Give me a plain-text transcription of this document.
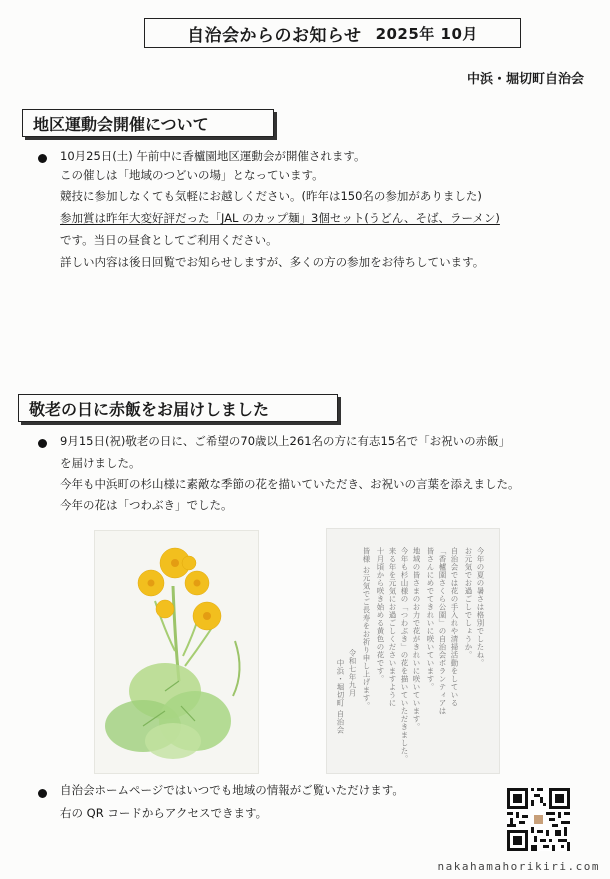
自治会からのお知らせ 2025年 10月
中浜・堀切町自治会
地区運動会開催について
10月25日(土) 午前中に香櫨園地区運動会が開催されます。
この催しは「地域のつどいの場」となっています。
競技に参加しなくても気軽にお越しください。(昨年は150名の参加がありました)
参加賞は昨年大変好評だった「JAL のカップ麺」3個セット(うどん、そば、ラーメン)
です。当日の昼食としてご利用ください。
詳しい内容は後日回覧でお知らせしますが、多くの方の参加をお待ちしています。
敬老の日に赤飯をお届けしました
9月15日(祝)敬老の日に、ご希望の70歳以上261名の方に有志15名で「お祝いの赤飯」
を届けました。
今年も中浜町の杉山様に素敵な季節の花を描いていただき、お祝いの言葉を添えました。
今年の花は「つわぶき」でした。
今年の夏の暑さは格別でしたね。
お元気でお過ごしでしょうか。
自治会では花の手入れや清掃活動をしている
「香櫨園さくら公園」の自治会ボランティアは
皆さんにめでてきれいに咲いています。
地域の皆さまのお力で花がきれいに咲いています。
今年も杉山様の「つわぶき」の花を描いていただきました。
来る年を元気にお過ごしくださいますように
十月頃から咲き始める黄色の花です。
皆様 お元気でご長寿をお祈り申し上げます。
令和七年九月
中浜・堀切町 自治会
自治会ホームページではいつでも地域の情報がご覧いただけます。
右の QR コードからアクセスできます。
nakahamahorikiri.com
